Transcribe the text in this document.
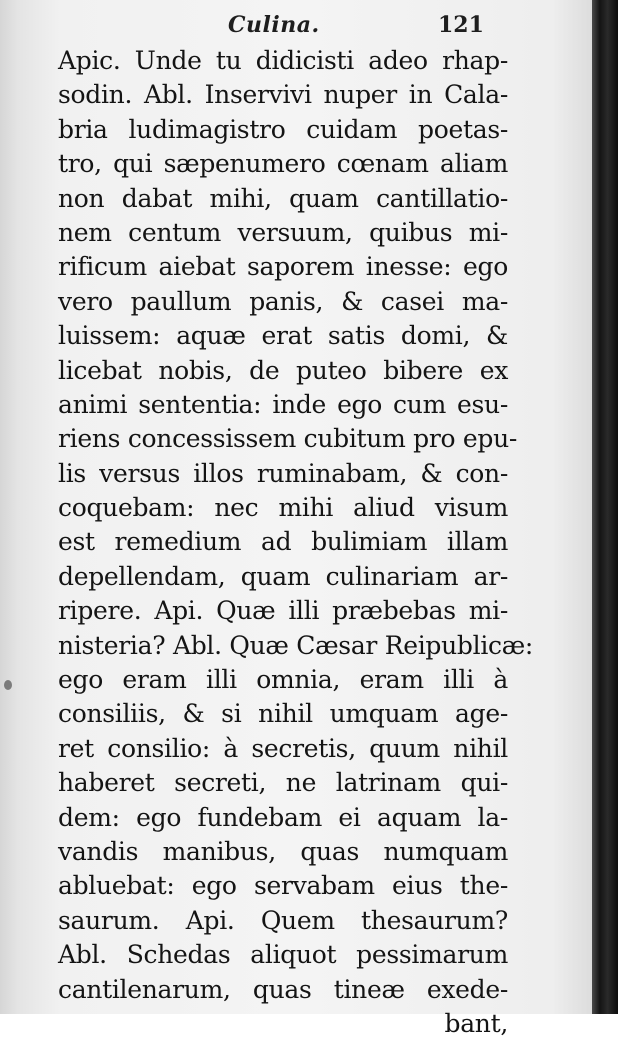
Culina.	121
Apic. Unde tu didicisti adeo rhap-
sodin. Abl. Inservivi nuper in Cala-
bria ludimagistro cuidam poetas-
tro, qui sæpenumero cœnam aliam
non dabat mihi, quam cantillatio-
nem centum versuum, quibus mi-
rificum aiebat saporem inesse: ego
vero paullum panis, & casei ma-
luissem: aquæ erat satis domi, &
licebat nobis, de puteo bibere ex
animi sententia: inde ego cum esu-
riens concessissem cubitum pro epu-
lis versus illos ruminabam, & con-
coquebam: nec mihi aliud visum
est remedium ad bulimiam illam
depellendam, quam culinariam ar-
ripere. Api. Quæ illi præbebas mi-
nisteria? Abl. Quæ Cæsar Reipublicæ:
ego eram illi omnia, eram illi à
consiliis, & si nihil umquam age-
ret consilio: à secretis, quum nihil
haberet secreti, ne latrinam qui-
dem: ego fundebam ei aquam la-
vandis manibus, quas numquam
abluebat: ego servabam eius the-
saurum. Api. Quem thesaurum?
Abl. Schedas aliquot pessimarum
cantilenarum, quas tineæ exede-
bant,
